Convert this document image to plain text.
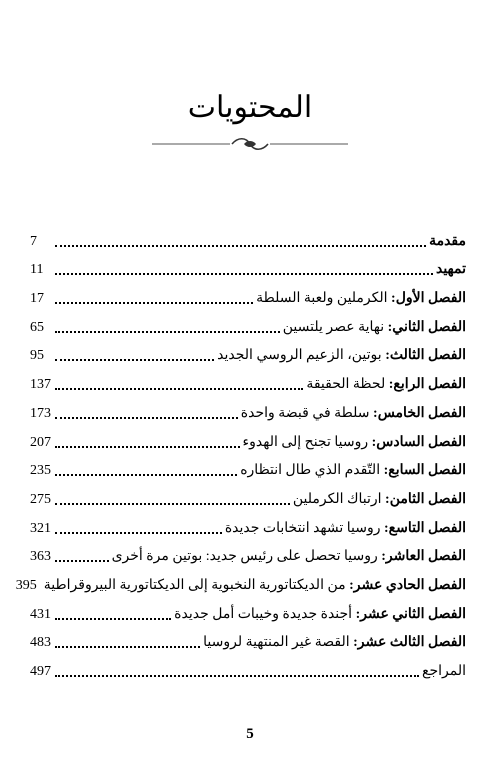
المحتويات
مقدمة
7
تمهيد
11
الفصل الأول: الكرملين ولعبة السلطة
17
الفصل الثاني: نهاية عصر يلتسين
65
الفصل الثالث: بوتين، الزعيم الروسي الجديد
95
الفصل الرابع: لحظة الحقيقة
137
الفصل الخامس: سلطة في قبضة واحدة
173
الفصل السادس: روسيا تجنح إلى الهدوء
207
الفصل السابع: التّقدم الذي طال انتظاره
235
الفصل الثامن: ارتباك الكرملين
275
الفصل التاسع: روسيا تشهد انتخابات جديدة
321
الفصل العاشر: روسيا تحصل على رئيس جديد: بوتين مرة أخرى
363
الفصل الحادي عشر: من الديكتاتورية النخبوية إلى الديكتاتورية البيروقراطية
395
الفصل الثاني عشر: أجندة جديدة وخيبات أمل جديدة
431
الفصل الثالث عشر: القصة غير المنتهية لروسيا
483
المراجع
497
5
